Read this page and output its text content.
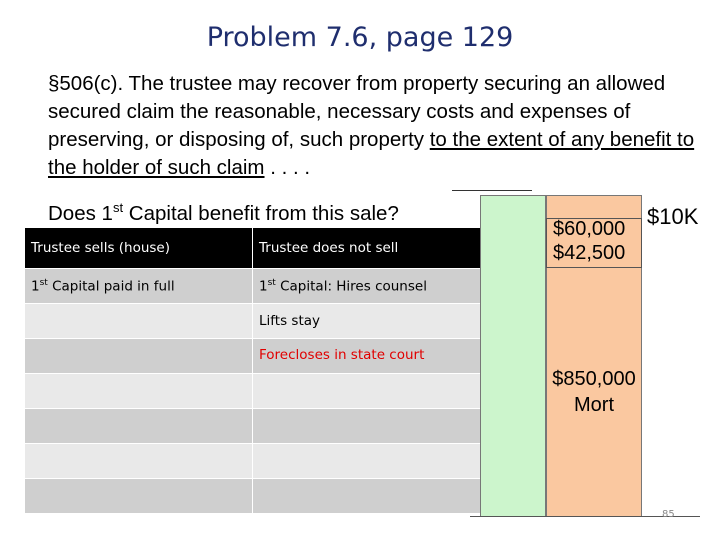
Problem 7.6, page 129
§506(c). The trustee may recover from property securing an allowed secured claim the reasonable, necessary costs and expenses of preserving, or disposing of, such property to the extent of any benefit to the holder of such claim . . . .
Does 1st Capital benefit from this sale?
Trustee sells (house)	Trustee does not sell
1st Capital paid in full	1st Capital: Hires counsel
	Lifts stay
	Forecloses in state court

$60,000
$42,500
$10K
$850,000
Mort
85
